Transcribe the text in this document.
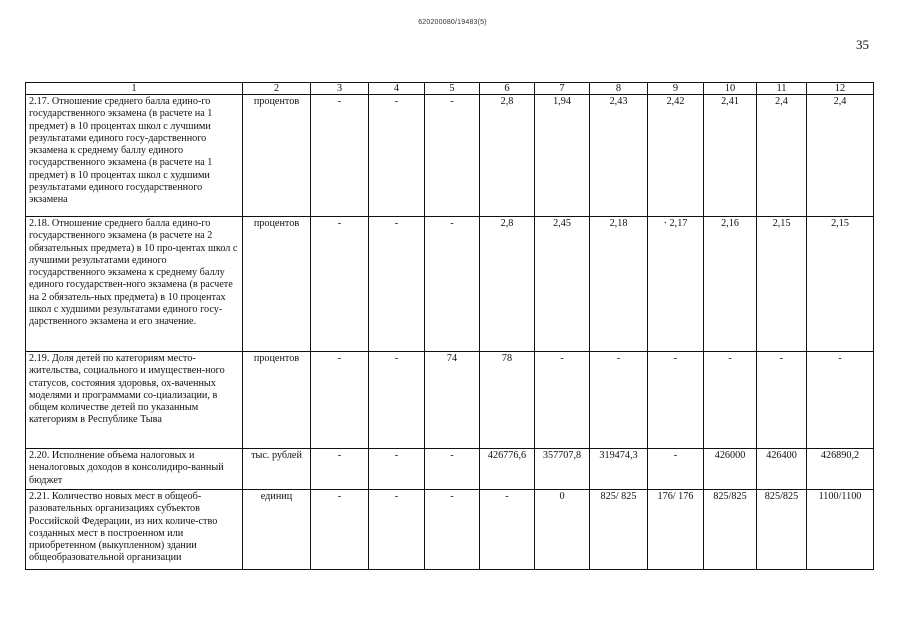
620200080/19483(5)
35
1	2	3	4	5	6	7	8	9	10	11	12
2.17. Отношение среднего балла едино-го государственного экзамена (в расчете на 1 предмет) в 10 процентах школ с лучшими результатами единого госу-дарственного экзамена к среднему баллу единого государственного экзамена (в расчете на 1 предмет) в 10 процентах школ с худшими результатами единого государственного экзамена	процентов	-	-	-	2,8	1,94	2,43	2,42	2,41	2,4	2,4
2.18. Отношение среднего балла едино-го государственного экзамена (в расчете на 2 обязательных предмета) в 10 про-центах школ с лучшими результатами единого государственного экзамена к среднему баллу единого государствен-ного экзамена (в расчете на 2 обязатель-ных предмета) в 10 процентах школ с худшими результатами единого госу-дарственного экзамена и его значение.	процентов	-	-	-	2,8	2,45	2,18	· 2,17	2,16	2,15	2,15
2.19. Доля детей по категориям место-жительства, социального и имуществен-ного статусов, состояния здоровья, ох-ваченных моделями и программами со-циализации, в общем количестве детей по указанным категориям в Республике Тыва	процентов	-	-	74	78	-	-	-	-	-	-
2.20. Исполнение объема налоговых и неналоговых доходов в консолидиро-ванный бюджет	тыс. рублей	-	-	-	426776,6	357707,8	319474,3	-	426000	426400	426890,2
2.21. Количество новых мест в общеоб-разовательных организациях субъектов Российской Федерации, из них количе-ство созданных мест в построенном или приобретенном (выкупленном) здании общеобразовательной организации	единиц	-	-	-	-	0	825/ 825	176/ 176	825/825	825/825	1100/1100
